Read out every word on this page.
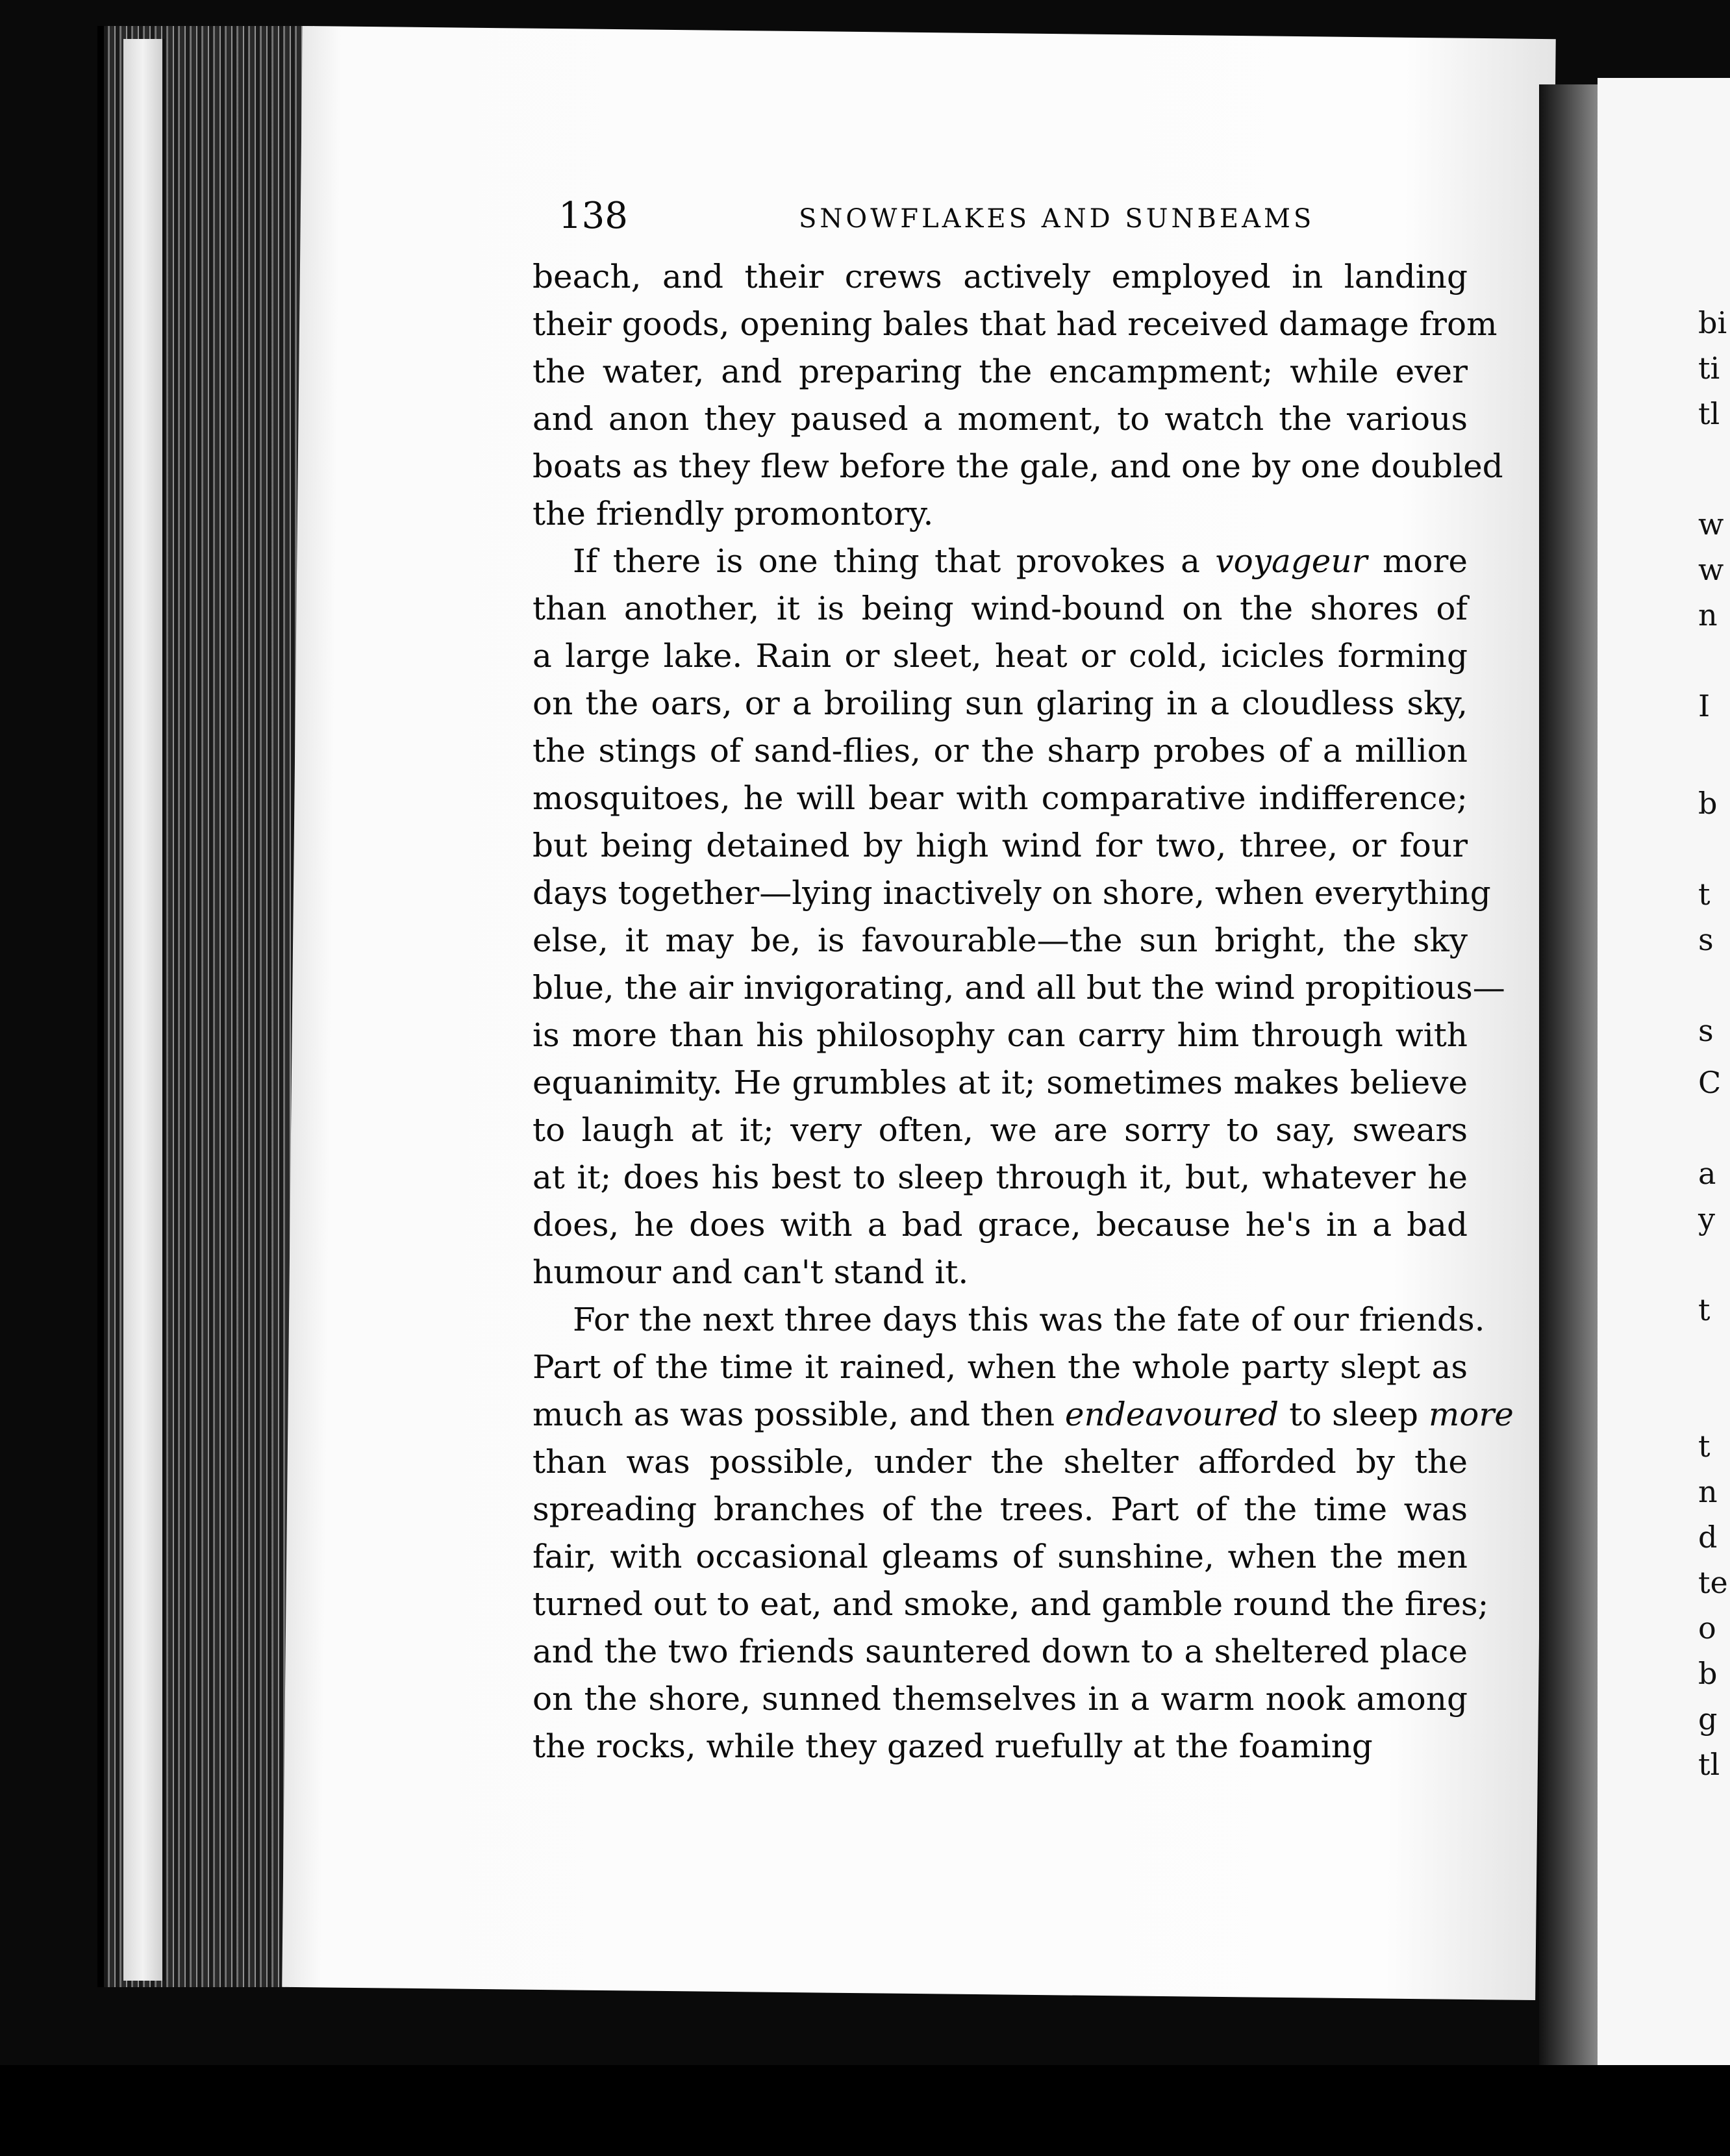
bi
ti
tl
w
w
n
I
b
t
s
s
C
a
y
t
t
n
d
te
o
b
g
tl
138	SNOWFLAKES AND SUNBEAMS
beach, and their crews actively employed in landing
their goods, opening bales that had received damage from
the water, and preparing the encampment; while ever
and anon they paused a moment, to watch the various
boats as they flew before the gale, and one by one doubled
the friendly promontory.
If there is one thing that provokes a voyageur more
than another, it is being wind-bound on the shores of
a large lake. Rain or sleet, heat or cold, icicles forming
on the oars, or a broiling sun glaring in a cloudless sky,
the stings of sand-flies, or the sharp probes of a million
mosquitoes, he will bear with comparative indifference;
but being detained by high wind for two, three, or four
days together—lying inactively on shore, when everything
else, it may be, is favourable—the sun bright, the sky
blue, the air invigorating, and all but the wind propitious—
is more than his philosophy can carry him through with
equanimity. He grumbles at it; sometimes makes believe
to laugh at it; very often, we are sorry to say, swears
at it; does his best to sleep through it, but, whatever he
does, he does with a bad grace, because he's in a bad
humour and can't stand it.
For the next three days this was the fate of our friends.
Part of the time it rained, when the whole party slept as
much as was possible, and then endeavoured to sleep more
than was possible, under the shelter afforded by the
spreading branches of the trees. Part of the time was
fair, with occasional gleams of sunshine, when the men
turned out to eat, and smoke, and gamble round the fires;
and the two friends sauntered down to a sheltered place
on the shore, sunned themselves in a warm nook among
the rocks, while they gazed ruefully at the foaming
